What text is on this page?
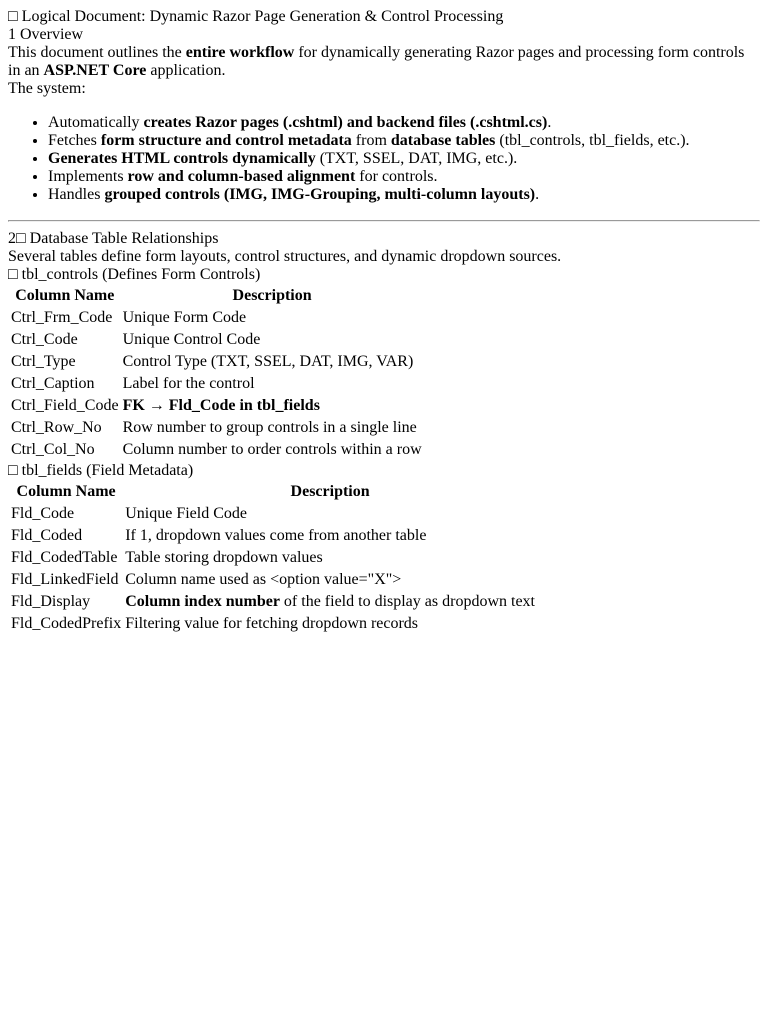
□ Logical Document: Dynamic Razor Page Generation & Control Processing
1 Overview
This document outlines the entire workflow for dynamically generating Razor pages and processing form controls in an ASP.NET Core application.
The system:
• Automatically creates Razor pages (.cshtml) and backend files (.cshtml.cs).
• Fetches form structure and control metadata from database tables (tbl_controls, tbl_fields, etc.).
• Generates HTML controls dynamically (TXT, SSEL, DAT, IMG, etc.).
• Implements row and column-based alignment for controls.
• Handles grouped controls (IMG, IMG-Grouping, multi-column layouts).
2□ Database Table Relationships
Several tables define form layouts, control structures, and dynamic dropdown sources.
□ tbl_controls (Defines Form Controls)
Column Name	Description
Ctrl_Frm_Code	Unique Form Code
Ctrl_Code	Unique Control Code
Ctrl_Type	Control Type (TXT, SSEL, DAT, IMG, VAR)
Ctrl_Caption	Label for the control
Ctrl_Field_Code	FK → Fld_Code in tbl_fields
Ctrl_Row_No	Row number to group controls in a single line
Ctrl_Col_No	Column number to order controls within a row
□ tbl_fields (Field Metadata)
Column Name	Description
Fld_Code	Unique Field Code
Fld_Coded	If 1, dropdown values come from another table
Fld_CodedTable	Table storing dropdown values
Fld_LinkedField	Column name used as <option value="X">
Fld_Display	Column index number of the field to display as dropdown text
Fld_CodedPrefix	Filtering value for fetching dropdown records
